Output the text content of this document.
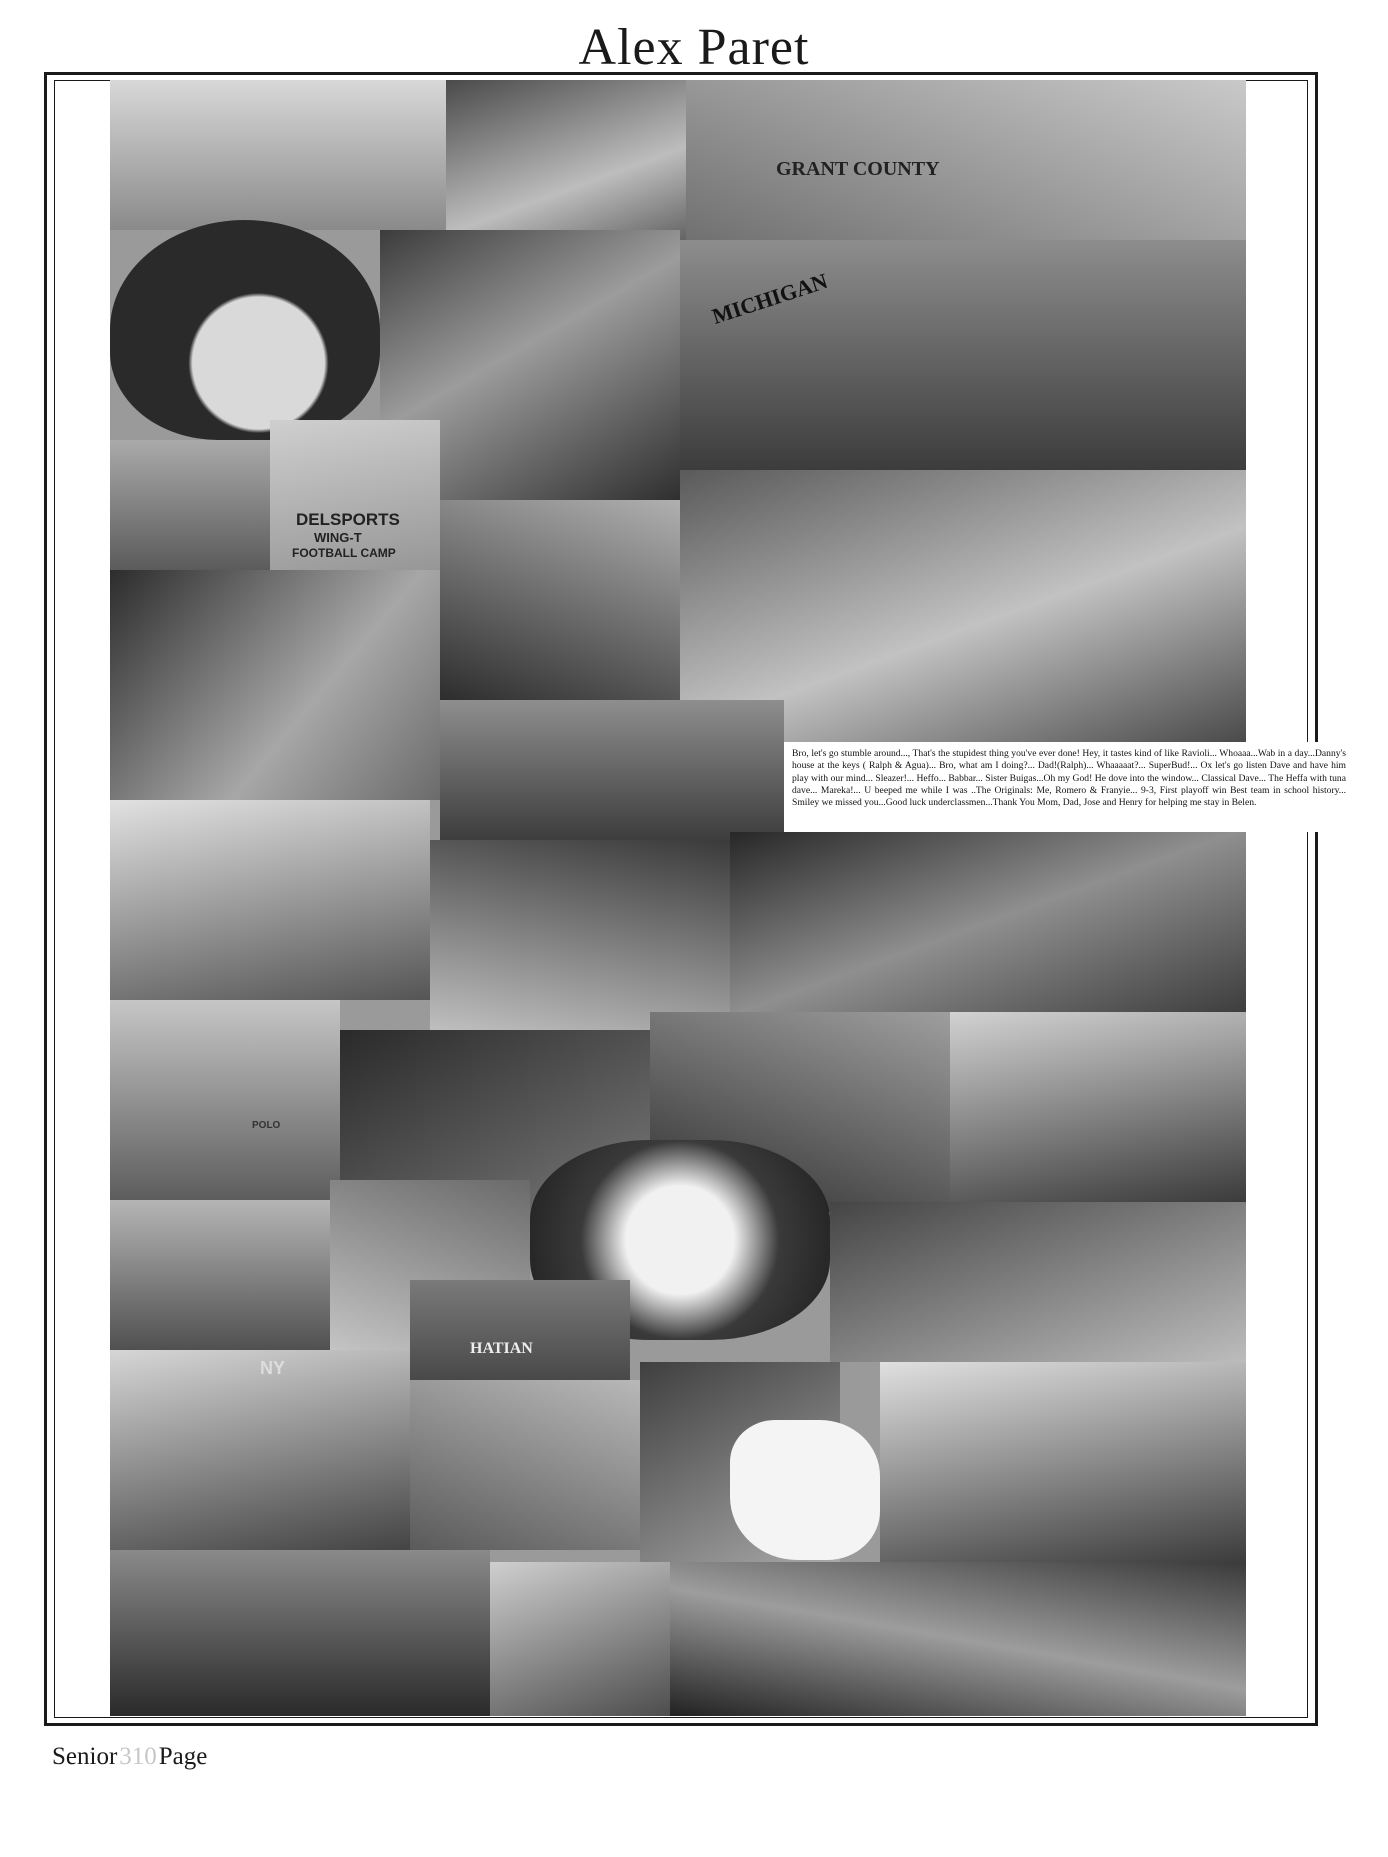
Alex Paret
GRANT COUNTY
MICHIGAN
DELSPORTS
WING-T
FOOTBALL CAMP
POLO
HATIAN
NY
Bro, let's go stumble around..., That's the stupidest thing you've ever done! Hey, it tastes kind of like Ravioli... Whoaaa...Wab in a day...Danny's house at the keys ( Ralph & Agua)... Bro, what am I doing?... Dad!(Ralph)... Whaaaaat?... SuperBud!... Ox let's go listen Dave and have him play with our mind... Sleazer!... Heffo... Babbar... Sister Buigas...Oh my God! He dove into the window... Classical Dave... The Heffa with tuna dave... Mareka!... U beeped me while I was ..The Originals: Me, Romero & Franyie... 9-3, First playoff win Best team in school history... Smiley we missed you...Good luck underclassmen...Thank You Mom, Dad, Jose and Henry for helping me stay in Belen.
Senior310Page
